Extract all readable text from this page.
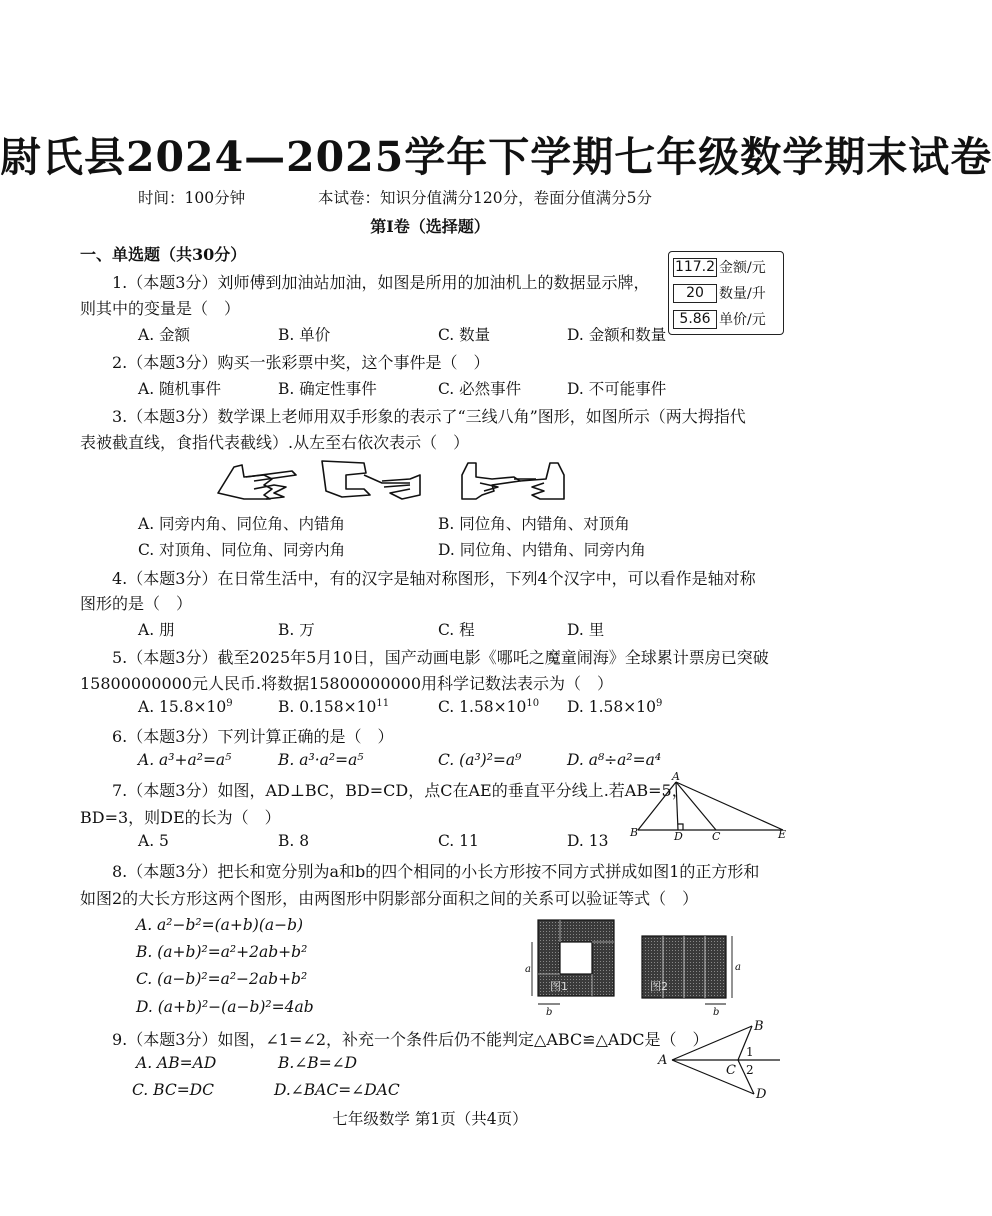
尉氏县2024—2025学年下学期七年级数学期末试卷
时间：100分钟	本试卷：知识分值满分120分，卷面分值满分5分
第Ⅰ卷（选择题）
一、单选题（共30分）
117.2 金额/元
20	数量/升
5.86 单价/元
1.（本题3分）刘师傅到加油站加油，如图是所用的加油机上的数据显示牌，
则其中的变量是（　）
A. 金额	B. 单价	C. 数量	D. 金额和数量
2.（本题3分）购买一张彩票中奖，这个事件是（　）
A. 随机事件	B. 确定性事件	C. 必然事件	D. 不可能事件
3.（本题3分）数学课上老师用双手形象的表示了“三线八角”图形，如图所示（两大拇指代
表被截直线，食指代表截线）.从左至右依次表示（　）
A. 同旁内角、同位角、内错角	B. 同位角、内错角、对顶角
C. 对顶角、同位角、同旁内角	D. 同位角、内错角、同旁内角
4.（本题3分）在日常生活中，有的汉字是轴对称图形，下列4个汉字中，可以看作是轴对称
图形的是（　）
A. 朋	B. 万	C. 程	D. 里
5.（本题3分）截至2025年5月10日，国产动画电影《哪吒之魔童闹海》全球累计票房已突破
15800000000元人民币.将数据15800000000用科学记数法表示为（　）
A. $15.8\times 10^9$	B. $0.158\times 10^{11}$	C. $1.58\times 10^{10}$ D. $1.58\times 10^9$
6.（本题3分）下列计算正确的是（　）
A. a³+a²=a⁵	B. a³·a²=a⁵	C. (a³)²=a⁹	D. a⁸÷a²=a⁴
7.（本题3分）如图，AD⊥BC，BD=CD，点C在AE的垂直平分线上.若AB=5，
BD=3，则DE的长为（　）
A. 5	B. 8	C. 11	D. 13
A
B	D	C	E
8.（本题3分）把长和宽分别为a和b的四个相同的小长方形按不同方式拼成如图1的正方形和
如图2的大长方形这两个图形，由两图形中阴影部分面积之间的关系可以验证等式（　）
A. a²−b²=(a+b)(a−b)
B. (a+b)²=a²+2ab+b²
C. (a−b)²=a²−2ab+b²
D. (a+b)²−(a−b)²=4ab
a
b
图1
a
b
图2
9.（本题3分）如图，∠1=∠2，补充一个条件后仍不能判定△ABC≌△ADC是（　）
A. AB=AD	B.∠B=∠D
C. BC=DC	D.∠BAC=∠DAC
A
B
C
D
1
2
七年级数学 第1页（共4页）
